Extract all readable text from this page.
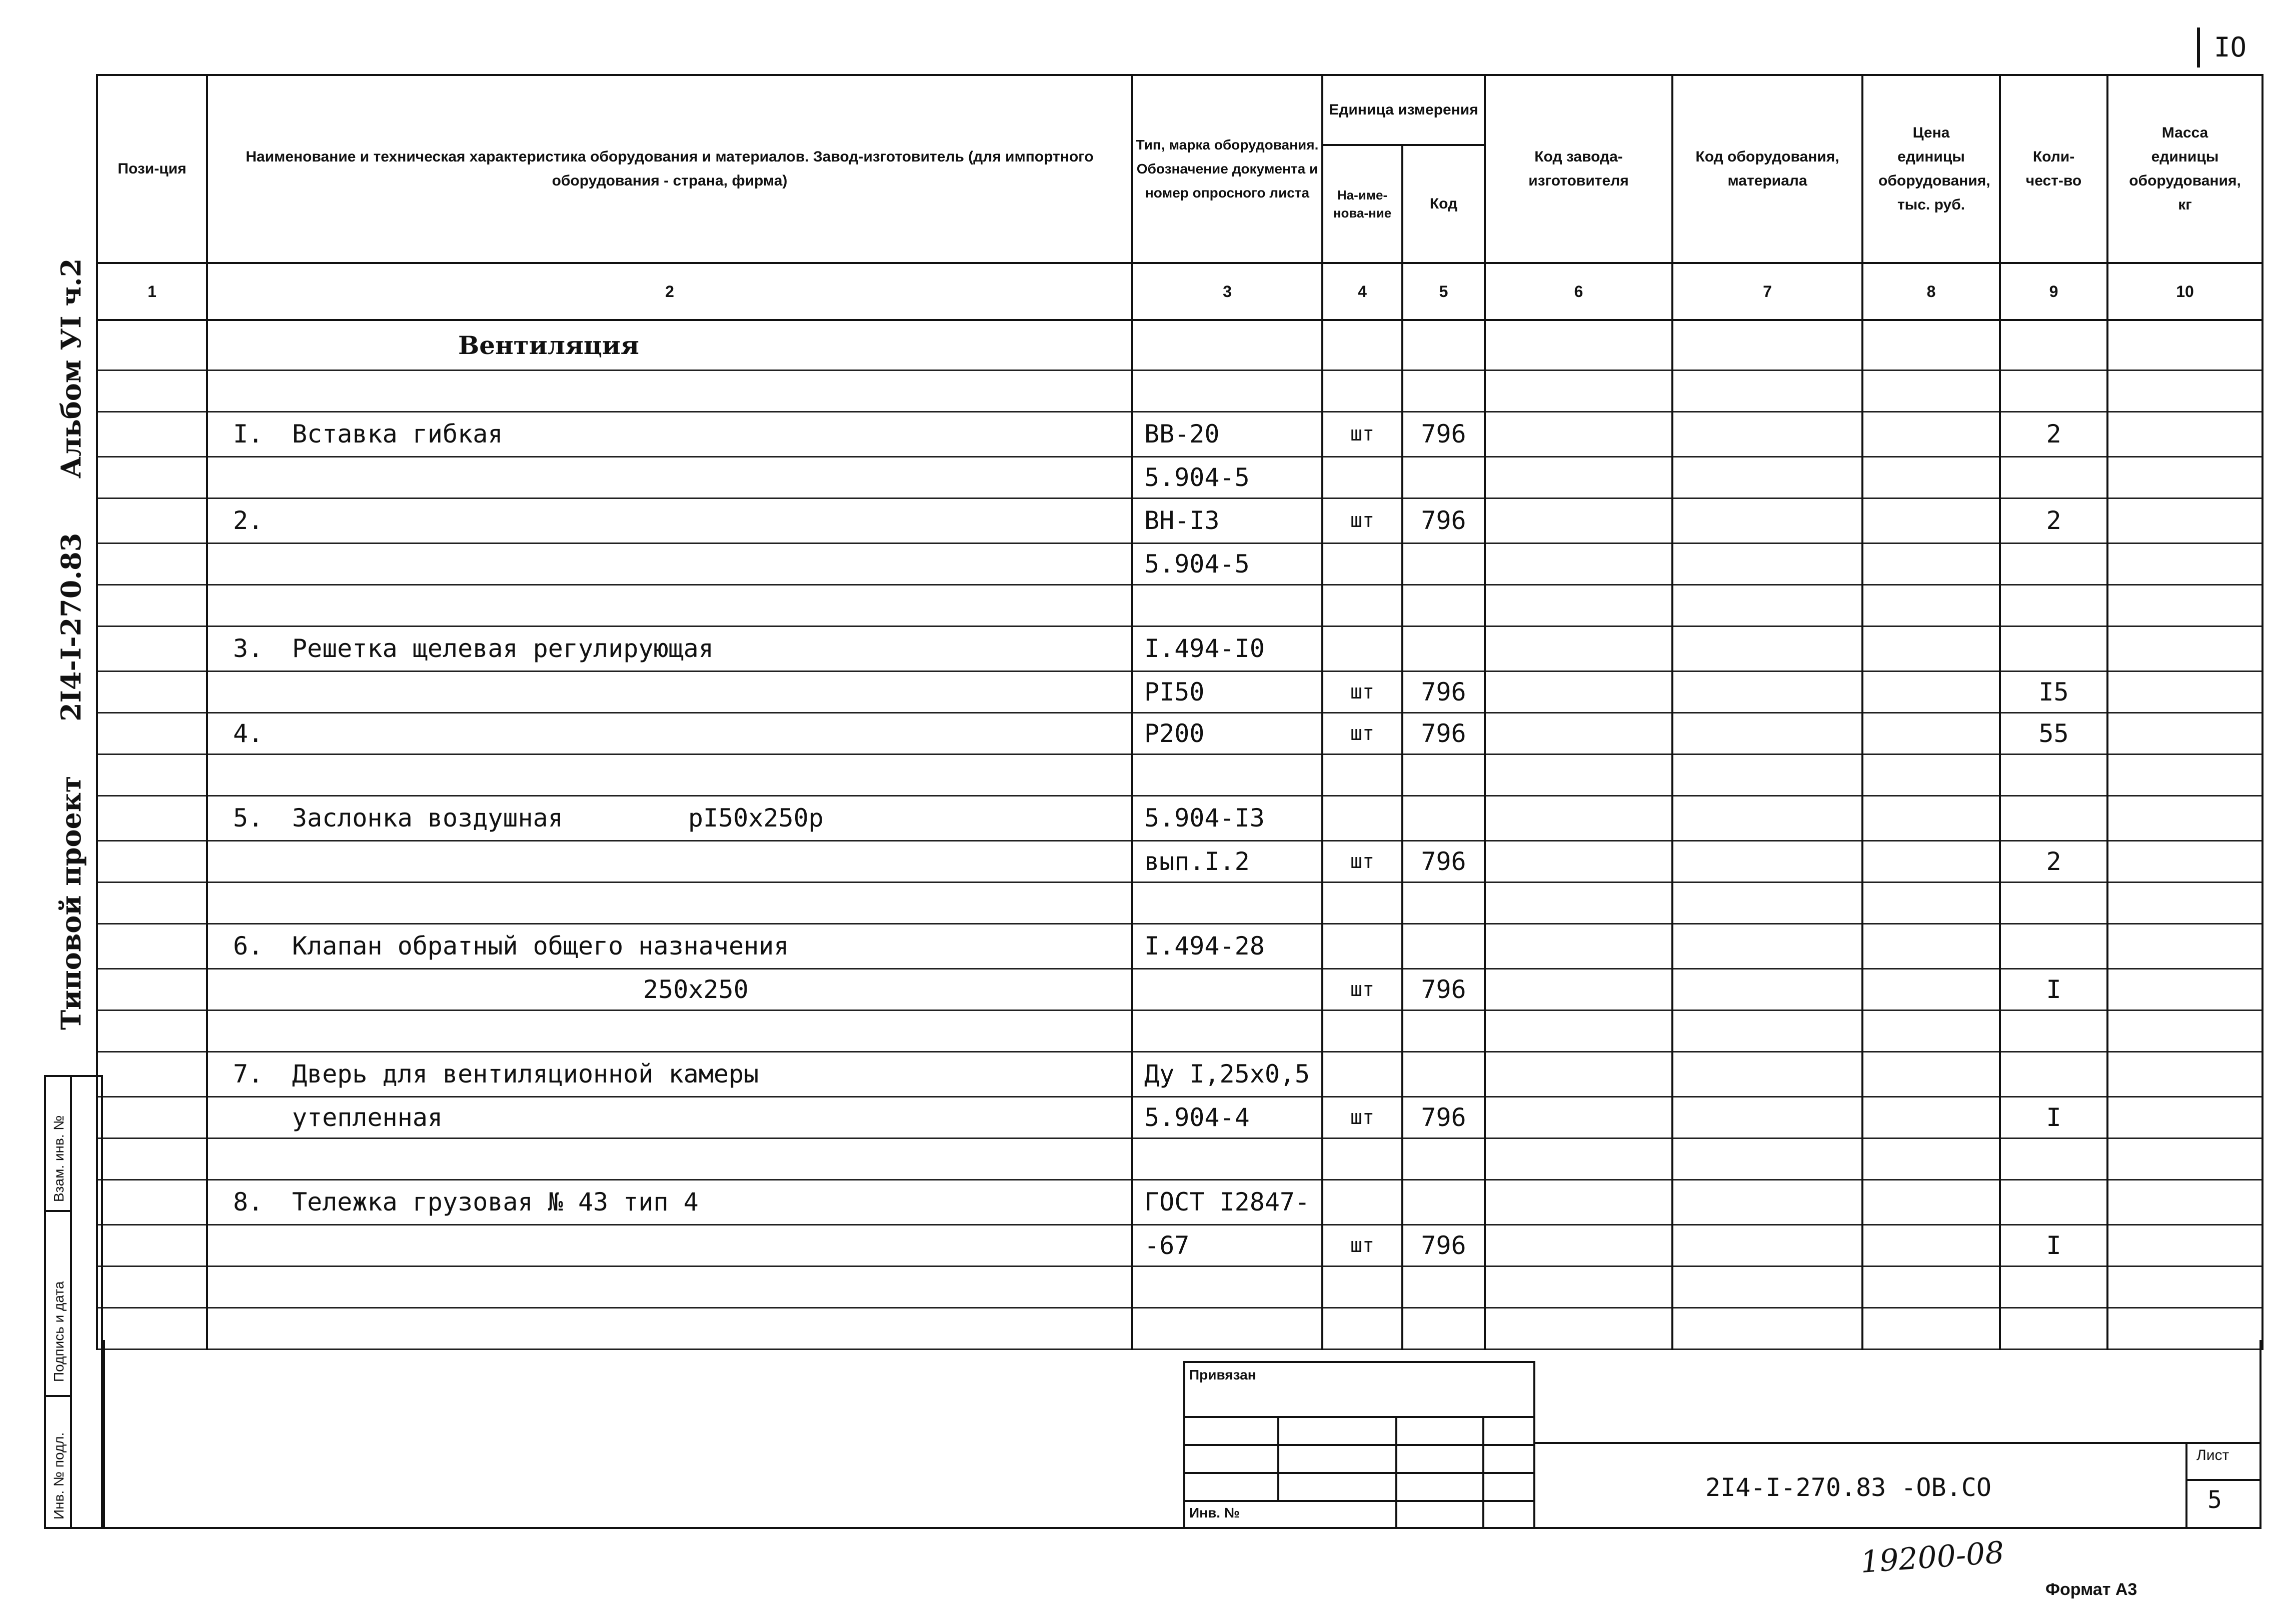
IO
Пози-ция	Наименование и техническая характеристика оборудования и материалов. Завод-изготовитель (для импортного оборудования - страна, фирма)	Тип, марка оборудования. Обозначение документа и номер опросного листа	Единица измерения		Код завода-изготовителя	Код оборудования, материала	Цена единицы оборудования, тыс. руб.	Коли-чест-во	Масса единицы оборудования, кг
			На-име-нова-ние	Код					
1	2	3	4	5	6	7	8	9	10
	Вентиляция								

	I. Вставка гибкая	ВВ-20	шт	796				2	
		5.904-5							
	2.	ВН-I3	шт	796				2	
		5.904-5							

	3. Решетка щелевая регулирующая	I.494-I0							
		РI50	шт	796				I5	
	4.	Р200	шт	796				55	

	5. Заслонка воздушная рI50х250р	5.904-I3							
		вып.I.2	шт	796				2	

	6. Клапан обратный общего назначения	I.494-28							
	250х250		шт	796				I	

	7. Дверь для вентиляционной камеры	Ду I,25х0,5							
	утепленная	5.904-4	шт	796				I	

	8. Тележка грузовая № 43 тип 4	ГОСТ I2847-							
		-67	шт	796				I	

Типовой проект 2I4-I-270.83 Альбом УI ч.2
Взам. инв. №
Подпись и дата
Инв. № подл.
Привязан
Инв. №
2I4-I-270.83 -ОВ.СО
Лист
5
19200-08
Формат А3
